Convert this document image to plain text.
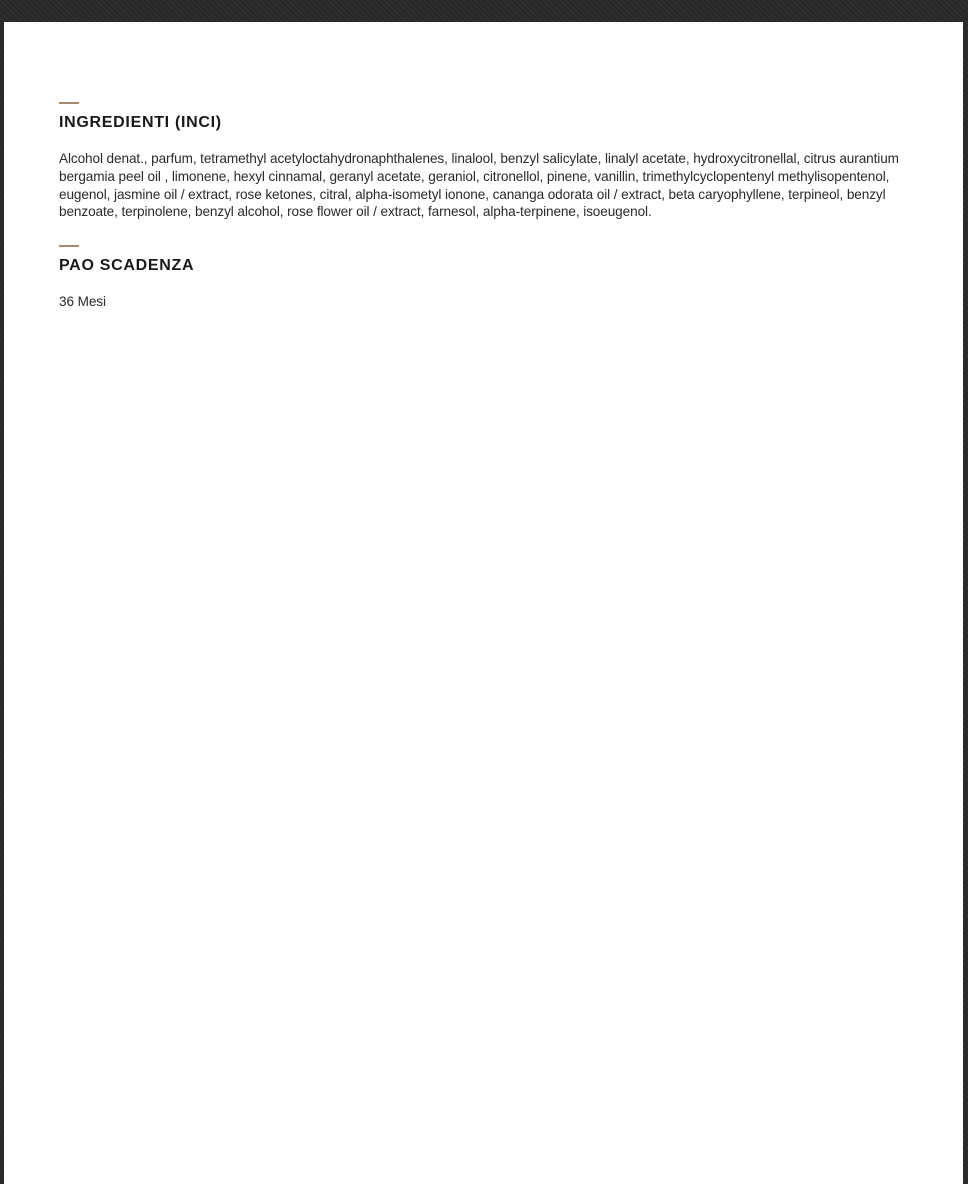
INGREDIENTI (INCI)

Alcohol denat., parfum, tetramethyl acetyloctahydronaphthalenes, linalool, benzyl salicylate, linalyl acetate, hydroxycitronellal, citrus aurantium bergamia peel oil , limonene, hexyl cinnamal, geranyl acetate, geraniol, citronellol, pinene, vanillin, trimethylcyclopentenyl methylisopentenol, eugenol, jasmine oil / extract, rose ketones, citral, alpha-isometyl ionone, cananga odorata oil / extract, beta caryophyllene, terpineol, benzyl benzoate, terpinolene, benzyl alcohol, rose flower oil / extract, farnesol, alpha-terpinene, isoeugenol.

PAO SCADENZA

36 Mesi
